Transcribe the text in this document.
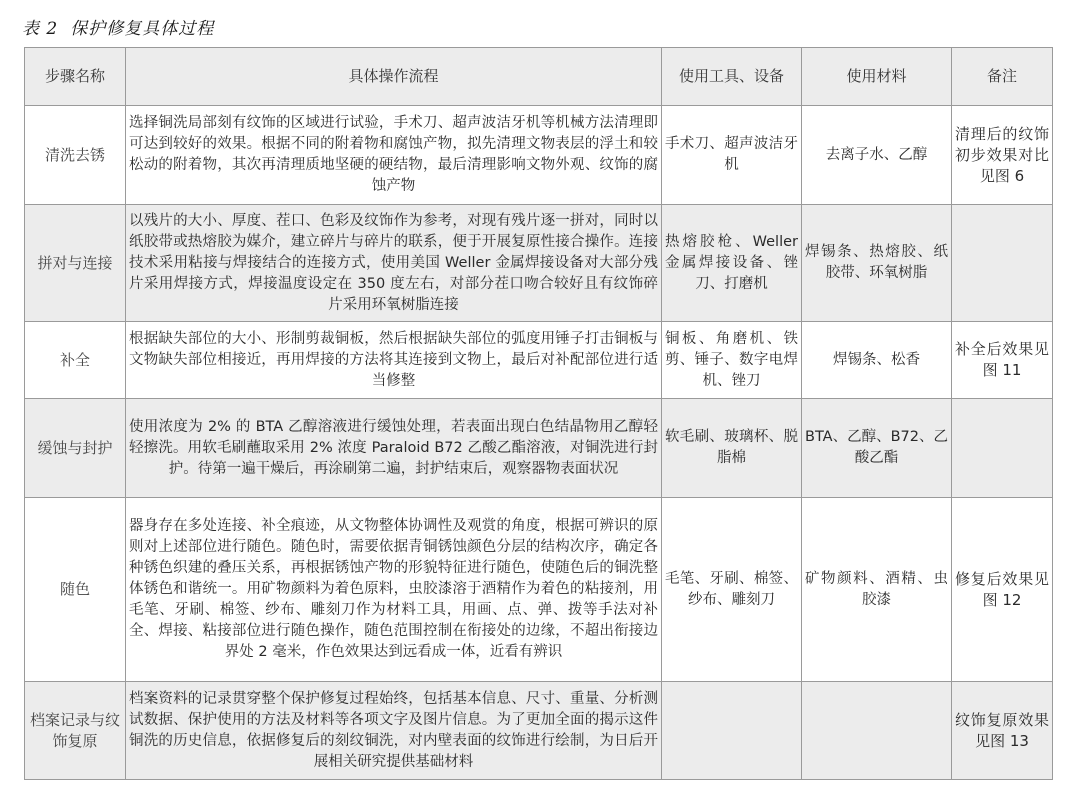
表 2 保护修复具体过程
步骤名称	具体操作流程	使用工具、设备	使用材料	备注
清洗去锈	选择铜洗局部刻有纹饰的区域进行试验，手术刀、超声波洁牙机等机械方法清理即可达到较好的效果。根据不同的附着物和腐蚀产物，拟先清理文物表层的浮土和较松动的附着物，其次再清理质地坚硬的硬结物，最后清理影响文物外观、纹饰的腐蚀产物	手术刀、超声波洁牙机	去离子水、乙醇	清理后的纹饰初步效果对比见图 6
拼对与连接	以残片的大小、厚度、茬口、色彩及纹饰作为参考，对现有残片逐一拼对，同时以纸胶带或热熔胶为媒介，建立碎片与碎片的联系，便于开展复原性接合操作。连接技术采用粘接与焊接结合的连接方式，使用美国 Weller 金属焊接设备对大部分残片采用焊接方式，焊接温度设定在 350 度左右，对部分茬口吻合较好且有纹饰碎片采用环氧树脂连接	热熔胶枪、Weller 金属焊接设备、锉刀、打磨机	焊锡条、热熔胶、纸胶带、环氧树脂	
补全	根据缺失部位的大小、形制剪裁铜板，然后根据缺失部位的弧度用锤子打击铜板与文物缺失部位相接近，再用焊接的方法将其连接到文物上，最后对补配部位进行适当修整	铜板、角磨机、铁剪、锤子、数字电焊机、锉刀	焊锡条、松香	补全后效果见图 11
缓蚀与封护	使用浓度为 2% 的 BTA 乙醇溶液进行缓蚀处理，若表面出现白色结晶物用乙醇轻轻擦洗。用软毛刷蘸取采用 2% 浓度 Paraloid B72 乙酸乙酯溶液，对铜洗进行封护。待第一遍干燥后，再涂刷第二遍，封护结束后，观察器物表面状况	软毛刷、玻璃杯、脱脂棉	BTA、乙醇、B72、乙酸乙酯	
随色	器身存在多处连接、补全痕迹，从文物整体协调性及观赏的角度，根据可辨识的原则对上述部位进行随色。随色时，需要依据青铜锈蚀颜色分层的结构次序，确定各种锈色织建的叠压关系，再根据锈蚀产物的形貌特征进行随色，使随色后的铜洗整体锈色和谐统一。用矿物颜料为着色原料，虫胶漆溶于酒精作为着色的粘接剂，用毛笔、牙刷、棉签、纱布、雕刻刀作为材料工具，用画、点、弹、拨等手法对补全、焊接、粘接部位进行随色操作，随色范围控制在衔接处的边缘，不超出衔接边界处 2 毫米，作色效果达到远看成一体，近看有辨识	毛笔、牙刷、棉签、纱布、雕刻刀	矿物颜料、酒精、虫胶漆	修复后效果见图 12
档案记录与纹饰复原	档案资料的记录贯穿整个保护修复过程始终，包括基本信息、尺寸、重量、分析测试数据、保护使用的方法及材料等各项文字及图片信息。为了更加全面的揭示这件铜洗的历史信息，依据修复后的刻纹铜洗，对内壁表面的纹饰进行绘制，为日后开展相关研究提供基础材料			纹饰复原效果见图 13
